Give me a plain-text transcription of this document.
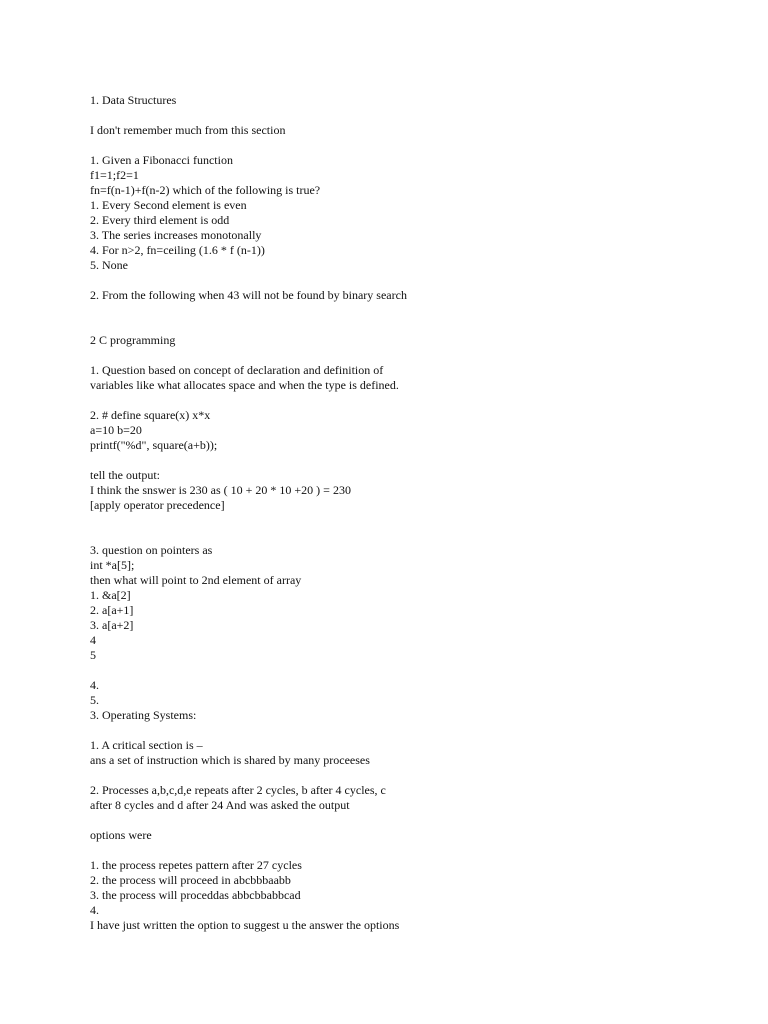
1. Data Structures
I don't remember much from this section
1. Given a Fibonacci function
f1=1;f2=1
fn=f(n-1)+f(n-2) which of the following is true?
1. Every Second element is even
2. Every third element is odd
3. The series increases monotonally
4. For n>2, fn=ceiling (1.6 * f (n-1))
5. None
2. From the following when 43 will not be found by binary search
2 C programming
1. Question based on concept of declaration and definition of
variables like what allocates space and when the type is defined.
2. # define square(x) x*x
a=10 b=20
printf("%d", square(a+b));
tell the output:
I think the snswer is 230 as ( 10 + 20 * 10 +20 ) = 230
[apply operator precedence]
3. question on pointers as
int *a[5];
then what will point to 2nd element of array
1. &a[2]
2. a[a+1]
3. a[a+2]
4
5
4.
5.
3. Operating Systems:
1. A critical section is –
ans a set of instruction which is shared by many proceeses
2. Processes a,b,c,d,e repeats after 2 cycles, b after 4 cycles, c
after 8 cycles and d after 24 And was asked the output
options were
1. the process repetes pattern after 27 cycles
2. the process will proceed in abcbbbaabb
3. the process will proceddas abbcbbabbcad
4.
I have just written the option to suggest u the answer the options
